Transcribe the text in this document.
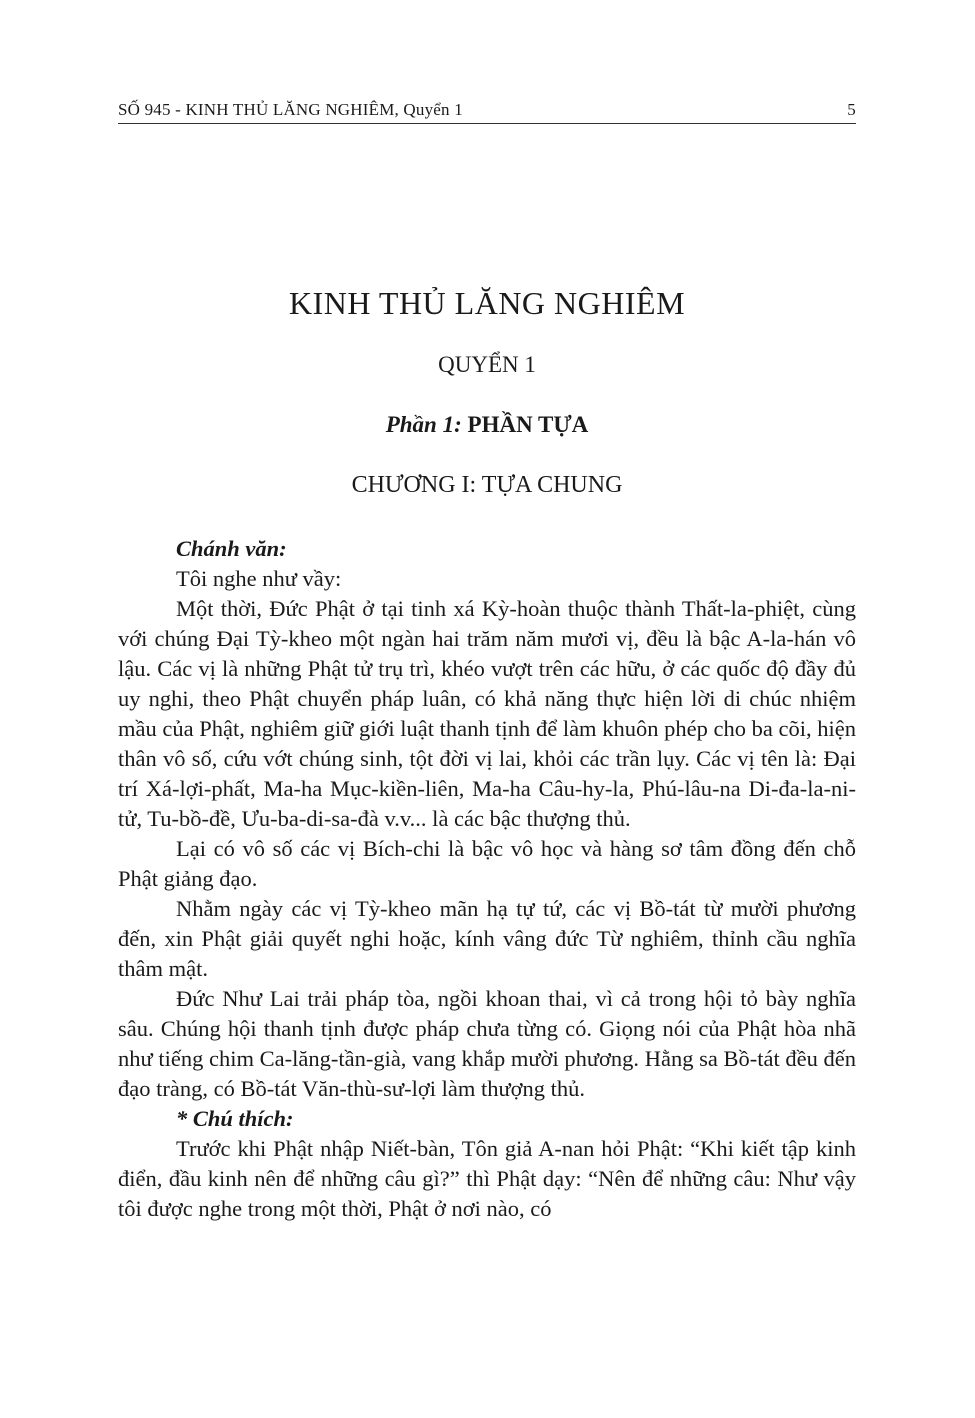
SỐ 945 - KINH THỦ LĂNG NGHIÊM, Quyển 1	5
KINH THỦ LĂNG NGHIÊM
QUYỂN 1
Phần 1: PHẦN TỰA
CHƯƠNG I: TỰA CHUNG

Chánh văn:

Tôi nghe như vầy:

Một thời, Đức Phật ở tại tinh xá Kỳ-hoàn thuộc thành Thất-la-phiệt, cùng với chúng Đại Tỳ-kheo một ngàn hai trăm năm mươi vị, đều là bậc A-la-hán vô lậu. Các vị là những Phật tử trụ trì, khéo vượt trên các hữu, ở các quốc độ đầy đủ uy nghi, theo Phật chuyển pháp luân, có khả năng thực hiện lời di chúc nhiệm mầu của Phật, nghiêm giữ giới luật thanh tịnh để làm khuôn phép cho ba cõi, hiện thân vô số, cứu vớt chúng sinh, tột đời vị lai, khỏi các trần lụy. Các vị tên là: Đại trí Xá-lợi-phất, Ma-ha Mục-kiền-liên, Ma-ha Câu-hy-la, Phú-lâu-na Di-đa-la-ni-tử, Tu-bồ-đề, Ưu-ba-di-sa-đà v.v... là các bậc thượng thủ.

Lại có vô số các vị Bích-chi là bậc vô học và hàng sơ tâm đồng đến chỗ Phật giảng đạo.

Nhằm ngày các vị Tỳ-kheo mãn hạ tự tứ, các vị Bồ-tát từ mười phương đến, xin Phật giải quyết nghi hoặc, kính vâng đức Từ nghiêm, thỉnh cầu nghĩa thâm mật.

Đức Như Lai trải pháp tòa, ngồi khoan thai, vì cả trong hội tỏ bày nghĩa sâu. Chúng hội thanh tịnh được pháp chưa từng có. Giọng nói của Phật hòa nhã như tiếng chim Ca-lăng-tần-già, vang khắp mười phương. Hằng sa Bồ-tát đều đến đạo tràng, có Bồ-tát Văn-thù-sư-lợi làm thượng thủ.

* Chú thích:

Trước khi Phật nhập Niết-bàn, Tôn giả A-nan hỏi Phật: “Khi kiết tập kinh điển, đầu kinh nên để những câu gì?” thì Phật dạy: “Nên để những câu: Như vậy tôi được nghe trong một thời, Phật ở nơi nào, có
